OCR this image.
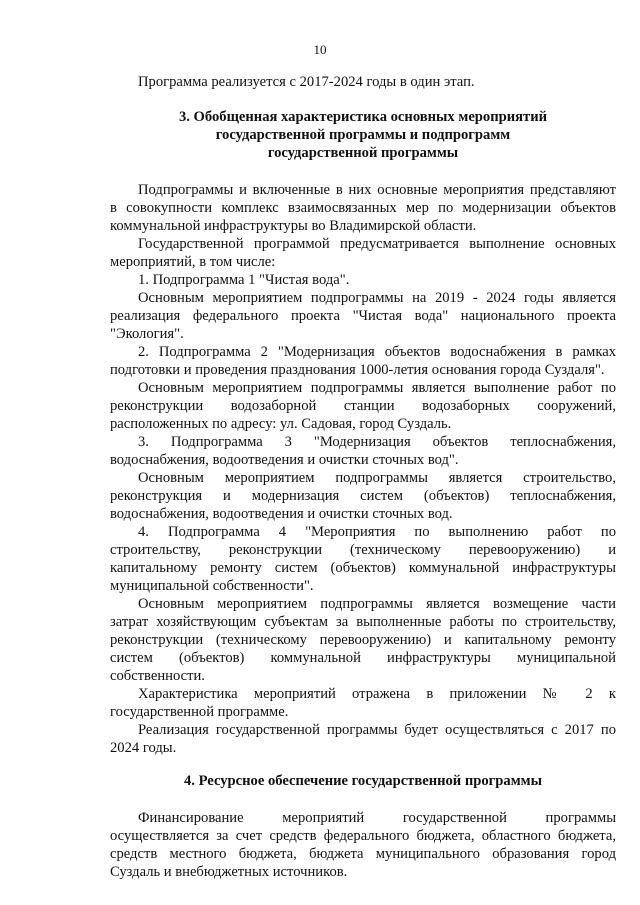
10
Программа реализуется с 2017-2024 годы в один этап.
3. Обобщенная характеристика основных мероприятий
государственной программы и подпрограмм
государственной программы
Подпрограммы и включенные в них основные мероприятия представляют
в совокупности комплекс взаимосвязанных мер по модернизации объектов
коммунальной инфраструктуры во Владимирской области.
Государственной программой предусматривается выполнение основных
мероприятий, в том числе:
1. Подпрограмма 1 "Чистая вода".
Основным мероприятием подпрограммы на 2019 - 2024 годы является
реализация федерального проекта "Чистая вода" национального проекта
"Экология".
2. Подпрограмма 2 "Модернизация объектов водоснабжения в рамках
подготовки и проведения празднования 1000-летия основания города Суздаля".
Основным мероприятием подпрограммы является выполнение работ по
реконструкции водозаборной станции водозаборных сооружений,
расположенных по адресу: ул. Садовая, город Суздаль.
3. Подпрограмма 3 "Модернизация объектов теплоснабжения,
водоснабжения, водоотведения и очистки сточных вод".
Основным мероприятием подпрограммы является строительство,
реконструкция и модернизация систем (объектов) теплоснабжения,
водоснабжения, водоотведения и очистки сточных вод.
4. Подпрограмма 4 "Мероприятия по выполнению работ по
строительству, реконструкции (техническому перевооружению) и
капитальному ремонту систем (объектов) коммунальной инфраструктуры
муниципальной собственности".
Основным мероприятием подпрограммы является возмещение части
затрат хозяйствующим субъектам за выполненные работы по строительству,
реконструкции (техническому перевооружению) и капитальному ремонту
систем (объектов) коммунальной инфраструктуры муниципальной
собственности.
Характеристика мероприятий отражена в приложении № 2 к
государственной программе.
Реализация государственной программы будет осуществляться с 2017 по
2024 годы.
4. Ресурсное обеспечение государственной программы
Финансирование мероприятий государственной программы
осуществляется за счет средств федерального бюджета, областного бюджета,
средств местного бюджета, бюджета муниципального образования город
Суздаль и внебюджетных источников.
